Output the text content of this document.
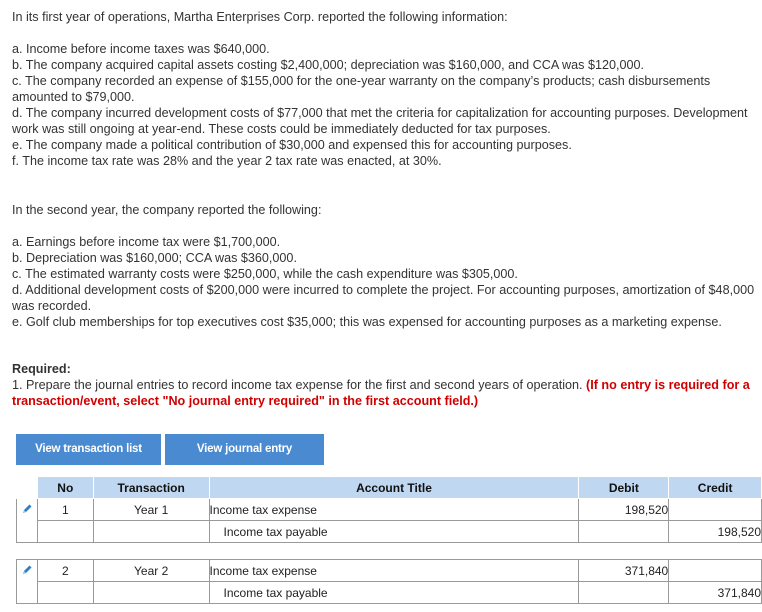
In its first year of operations, Martha Enterprises Corp. reported the following information:

a. Income before income taxes was $640,000.

b. The company acquired capital assets costing $2,400,000; depreciation was $160,000, and CCA was $120,000.

c. The company recorded an expense of $155,000 for the one-year warranty on the company’s products; cash disbursements amounted to $79,000.

d. The company incurred development costs of $77,000 that met the criteria for capitalization for accounting purposes. Development work was still ongoing at year-end. These costs could be immediately deducted for tax purposes.

e. The company made a political contribution of $30,000 and expensed this for accounting purposes.

f. The income tax rate was 28% and the year 2 tax rate was enacted, at 30%.

In the second year, the company reported the following:

a. Earnings before income tax were $1,700,000.

b. Depreciation was $160,000; CCA was $360,000.

c. The estimated warranty costs were $250,000, while the cash expenditure was $305,000.

d. Additional development costs of $200,000 were incurred to complete the project. For accounting purposes, amortization of $48,000 was recorded.

e. Golf club memberships for top executives cost $35,000; this was expensed for accounting purposes as a marketing expense.

Required:

1. Prepare the journal entries to record income tax expense for the first and second years of operation. (If no entry is required for a transaction/event, select "No journal entry required" in the first account field.)

View transaction list	View journal entry
	No	Transaction	Account Title	Debit	Credit
	1	Year 1	Income tax expense	198,520	
			Income tax payable		198,520

	2	Year 2	Income tax expense	371,840	
			Income tax payable		371,840
